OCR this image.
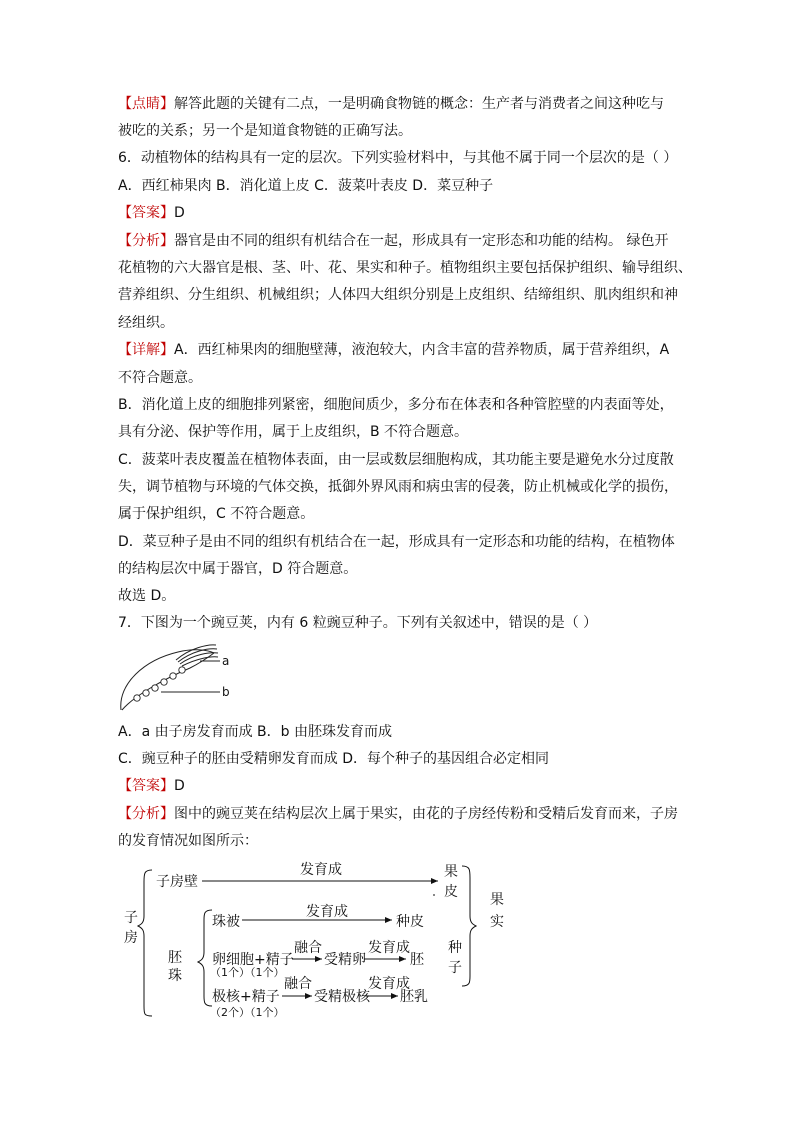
【点睛】解答此题的关键有二点，一是明确食物链的概念：生产者与消费者之间这种吃与
被吃的关系；另一个是知道食物链的正确写法。
6．动植物体的结构具有一定的层次。下列实验材料中，与其他不属于同一个层次的是（ ）
A．西红柿果肉 B．消化道上皮 C．菠菜叶表皮 D．菜豆种子
【答案】D
【分析】器官是由不同的组织有机结合在一起，形成具有一定形态和功能的结构。 绿色开
花植物的六大器官是根、茎、叶、花、果实和种子。植物组织主要包括保护组织、输导组织、
营养组织、分生组织、机械组织；人体四大组织分别是上皮组织、结缔组织、肌肉组织和神
经组织。
【详解】A．西红柿果肉的细胞壁薄，液泡较大，内含丰富的营养物质，属于营养组织，A
不符合题意。
B．消化道上皮的细胞排列紧密，细胞间质少，多分布在体表和各种管腔壁的内表面等处，
具有分泌、保护等作用，属于上皮组织，B 不符合题意。
C．菠菜叶表皮覆盖在植物体表面，由一层或数层细胞构成，其功能主要是避免水分过度散
失，调节植物与环境的气体交换，抵御外界风雨和病虫害的侵袭，防止机械或化学的损伤，
属于保护组织，C 不符合题意。
D．菜豆种子是由不同的组织有机结合在一起，形成具有一定形态和功能的结构，在植物体
的结构层次中属于器官，D 符合题意。
故选 D。
7．下图为一个豌豆荚，内有 6 粒豌豆种子。下列有关叙述中，错误的是（ ）
a
b
A．a 由子房发育而成 B．b 由胚珠发育而成
C．豌豆种子的胚由受精卵发育而成 D．每个种子的基因组合必定相同
【答案】D
【分析】图中的豌豆荚在结构层次上属于果实，由花的子房经传粉和受精后发育而来，子房
的发育情况如图所示：
子
房
子房壁
发育成	果
皮 果
实
胚
珠
珠被
发育成
种皮
种
子
卵细胞+精子
融合
受精卵
发育成
胚
极核+精子
融合
受精极核
发育成
胚乳
（1个）（1个）
（2个）（1个）
